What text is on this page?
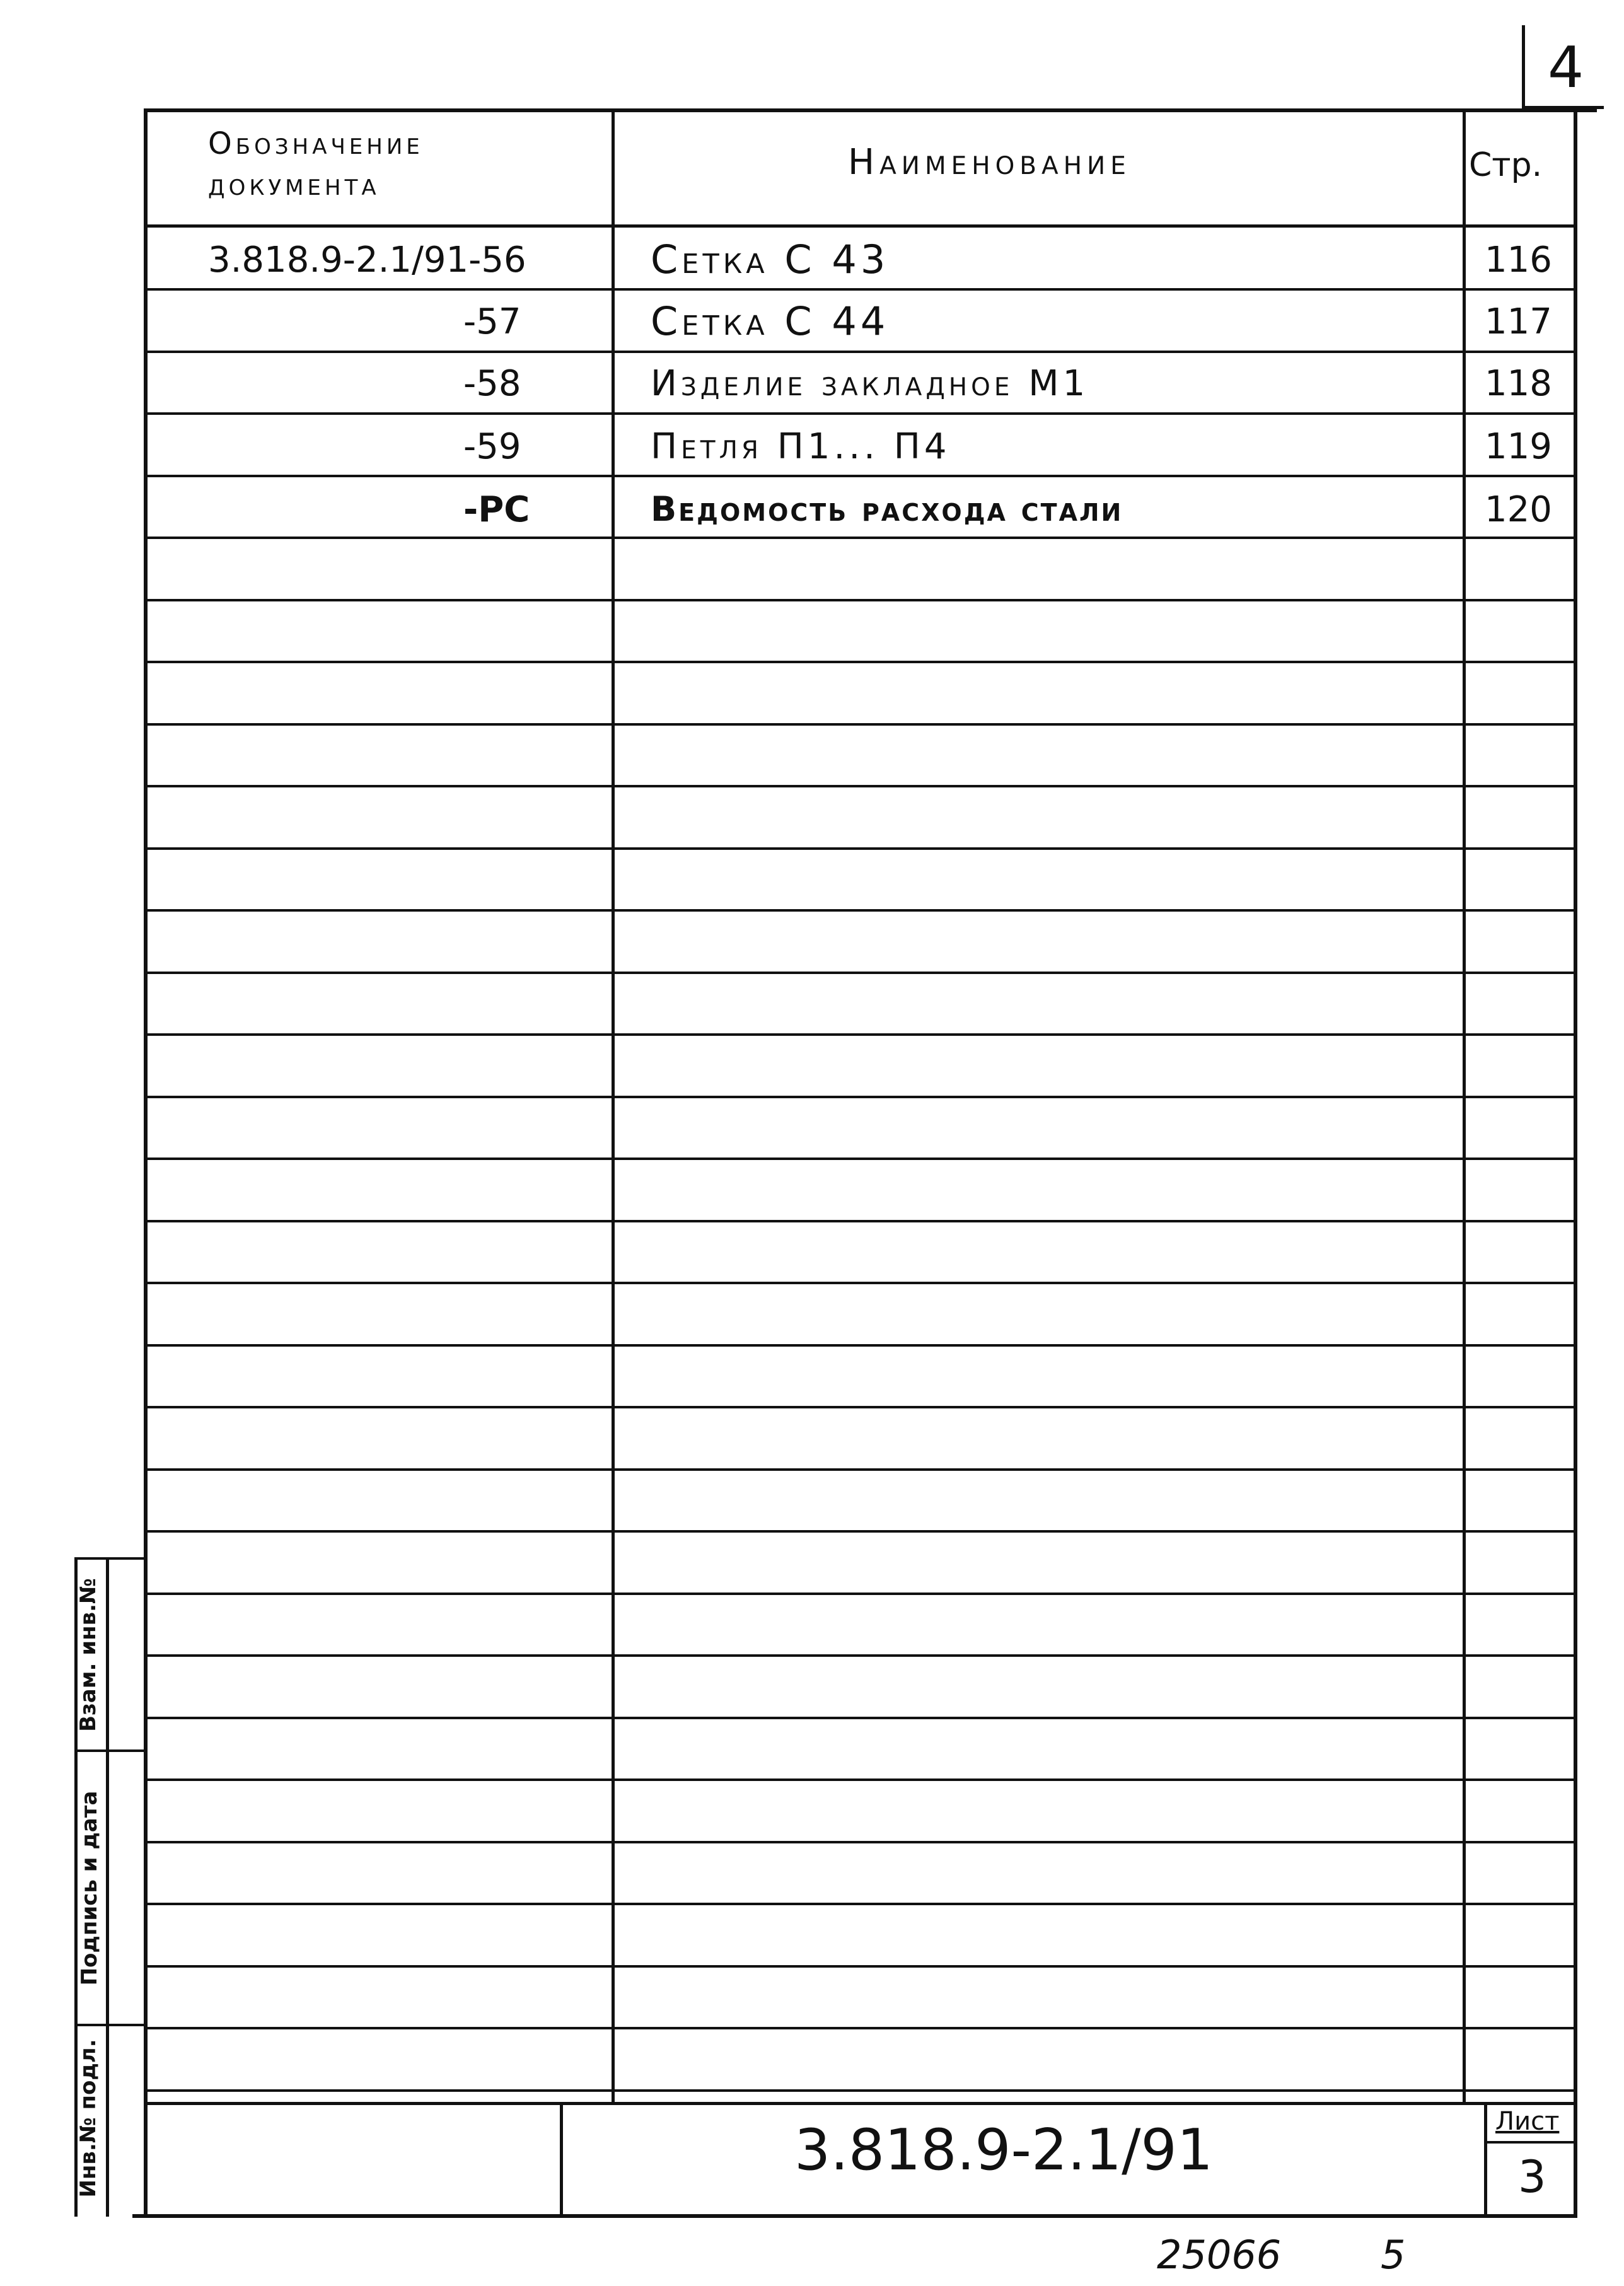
4
Обозначение
документа
Наименование	Стр.
3.818.9-2.1/91-56	Сетка С 43	116
-57	Сетка С 44	117
-58	Изделие закладное М1	118
-59	Петля П1... П4	119
-РС	Ведомость расхода стали	120
3.818.9-2.1/91	Лист
3
Инв.№ подл.
Подпись и дата
Взам. инв.№
25066	5
